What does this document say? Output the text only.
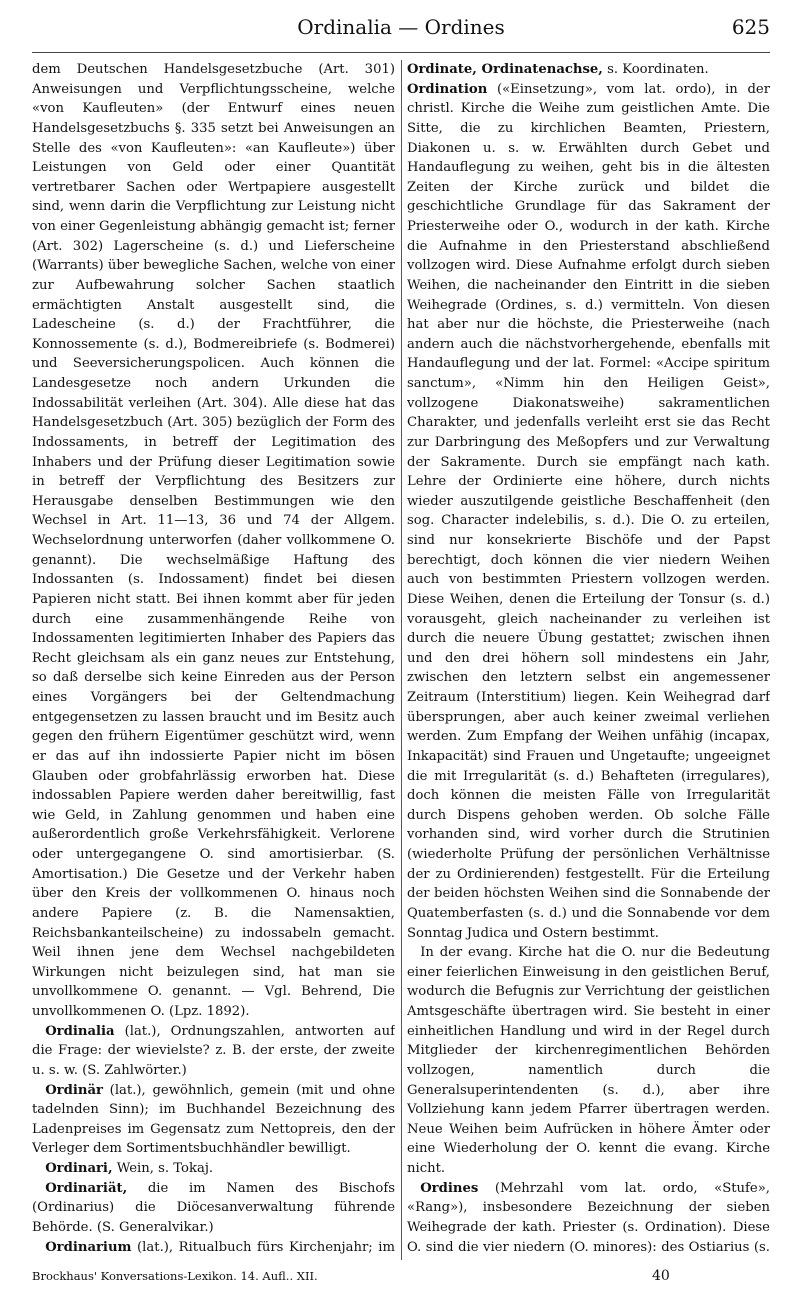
Ordinalia — Ordines	625

dem Deutschen Handelsgesetzbuche (Art. 301) Anweisungen und Verpflichtungsscheine, welche «von Kaufleuten» (der Entwurf eines neuen Handelsgesetzbuchs §. 335 setzt bei Anweisungen an Stelle des «von Kaufleuten»: «an Kaufleute») über Leistungen von Geld oder einer Quantität vertretbarer Sachen oder Wertpapiere ausgestellt sind, wenn darin die Verpflichtung zur Leistung nicht von einer Gegenleistung abhängig gemacht ist; ferner (Art. 302) Lagerscheine (s. d.) und Lieferscheine (Warrants) über bewegliche Sachen, welche von einer zur Aufbewahrung solcher Sachen staatlich ermächtigten Anstalt ausgestellt sind, die Ladescheine (s. d.) der Frachtführer, die Konnossemente (s. d.), Bodmereibriefe (s. Bodmerei) und Seeversicherungspolicen. Auch können die Landesgesetze noch andern Urkunden die Indossabilität verleihen (Art. 304). Alle diese hat das Handelsgesetzbuch (Art. 305) bezüglich der Form des Indossaments, in betreff der Legitimation des Inhabers und der Prüfung dieser Legitimation sowie in betreff der Verpflichtung des Besitzers zur Herausgabe denselben Bestimmungen wie den Wechsel in Art. 11—13, 36 und 74 der Allgem. Wechselordnung unterworfen (daher vollkommene O. genannt). Die wechselmäßige Haftung des Indossanten (s. Indossament) findet bei diesen Papieren nicht statt. Bei ihnen kommt aber für jeden durch eine zusammenhängende Reihe von Indossamenten legitimierten Inhaber des Papiers das Recht gleichsam als ein ganz neues zur Entstehung, so daß derselbe sich keine Einreden aus der Person eines Vorgängers bei der Geltendmachung entgegensetzen zu lassen braucht und im Besitz auch gegen den frühern Eigentümer geschützt wird, wenn er das auf ihn indossierte Papier nicht im bösen Glauben oder grobfahrlässig erworben hat. Diese indossablen Papiere werden daher bereitwillig, fast wie Geld, in Zahlung genommen und haben eine außerordentlich große Verkehrsfähigkeit. Verlorene oder untergegangene O. sind amortisierbar. (S. Amortisation.) Die Gesetze und der Verkehr haben über den Kreis der vollkommenen O. hinaus noch andere Papiere (z. B. die Namensaktien, Reichsbankanteilscheine) zu indossabeln gemacht. Weil ihnen jene dem Wechsel nachgebildeten Wirkungen nicht beizulegen sind, hat man sie unvollkommene O. genannt. — Vgl. Behrend, Die unvollkommenen O. (Lpz. 1892).

Ordinalia (lat.), Ordnungszahlen, antworten auf die Frage: der wievielste? z. B. der erste, der zweite u. s. w. (S. Zahlwörter.)

Ordinär (lat.), gewöhnlich, gemein (mit und ohne tadelnden Sinn); im Buchhandel Bezeichnung des Ladenpreises im Gegensatz zum Nettopreis, den der Verleger dem Sortimentsbuchhändler bewilligt.

Ordinari, Wein, s. Tokaj.

Ordinariät, die im Namen des Bischofs (Ordinarius) die Diöcesanverwaltung führende Behörde. (S. Generalvikar.)

Ordinarium (lat.), Ritualbuch fürs Kirchenjahr; im

Ordinate, Ordinatenachse, s. Koordinaten.

Ordination («Einsetzung», vom lat. ordo), in der christl. Kirche die Weihe zum geistlichen Amte. Die Sitte, die zu kirchlichen Beamten, Priestern, Diakonen u. s. w. Erwählten durch Gebet und Handauflegung zu weihen, geht bis in die ältesten Zeiten der Kirche zurück und bildet die geschichtliche Grundlage für das Sakrament der Priesterweihe oder O., wodurch in der kath. Kirche die Aufnahme in den Priesterstand abschließend vollzogen wird. Diese Aufnahme erfolgt durch sieben Weihen, die nacheinander den Eintritt in die sieben Weihegrade (Ordines, s. d.) vermitteln. Von diesen hat aber nur die höchste, die Priesterweihe (nach andern auch die nächstvorhergehende, ebenfalls mit Handauflegung und der lat. Formel: «Accipe spiritum sanctum», «Nimm hin den Heiligen Geist», vollzogene Diakonatsweihe) sakramentlichen Charakter, und jedenfalls verleiht erst sie das Recht zur Darbringung des Meßopfers und zur Verwaltung der Sakramente. Durch sie empfängt nach kath. Lehre der Ordinierte eine höhere, durch nichts wieder auszutilgende geistliche Beschaffenheit (den sog. Character indelebilis, s. d.). Die O. zu erteilen, sind nur konsekrierte Bischöfe und der Papst berechtigt, doch können die vier niedern Weihen auch von bestimmten Priestern vollzogen werden. Diese Weihen, denen die Erteilung der Tonsur (s. d.) vorausgeht, gleich nacheinander zu verleihen ist durch die neuere Übung gestattet; zwischen ihnen und den drei höhern soll mindestens ein Jahr, zwischen den letztern selbst ein angemessener Zeitraum (Interstitium) liegen. Kein Weihegrad darf übersprungen, aber auch keiner zweimal verliehen werden. Zum Empfang der Weihen unfähig (incapax, Inkapacität) sind Frauen und Ungetaufte; ungeeignet die mit Irregularität (s. d.) Behafteten (irregulares), doch können die meisten Fälle von Irregularität durch Dispens gehoben werden. Ob solche Fälle vorhanden sind, wird vorher durch die Strutinien (wiederholte Prüfung der persönlichen Verhältnisse der zu Ordinierenden) festgestellt. Für die Erteilung der beiden höchsten Weihen sind die Sonnabende der Quatemberfasten (s. d.) und die Sonnabende vor dem Sonntag Judica und Ostern bestimmt.

In der evang. Kirche hat die O. nur die Bedeutung einer feierlichen Einweisung in den geistlichen Beruf, wodurch die Befugnis zur Verrichtung der geistlichen Amtsgeschäfte übertragen wird. Sie besteht in einer einheitlichen Handlung und wird in der Regel durch Mitglieder der kirchenregimentlichen Behörden vollzogen, namentlich durch die Generalsuperintendenten (s. d.), aber ihre Vollziehung kann jedem Pfarrer übertragen werden. Neue Weihen beim Aufrücken in höhere Ämter oder eine Wiederholung der O. kennt die evang. Kirche nicht.

Ordines (Mehrzahl vom lat. ordo, «Stufe», «Rang»), insbesondere Bezeichnung der sieben Weihegrade der kath. Priester (s. Ordination). Diese O. sind die vier niedern (O. minores): des Ostiarius (s.

Brockhaus' Konversations-Lexikon. 14. Aufl.. XII.	40
